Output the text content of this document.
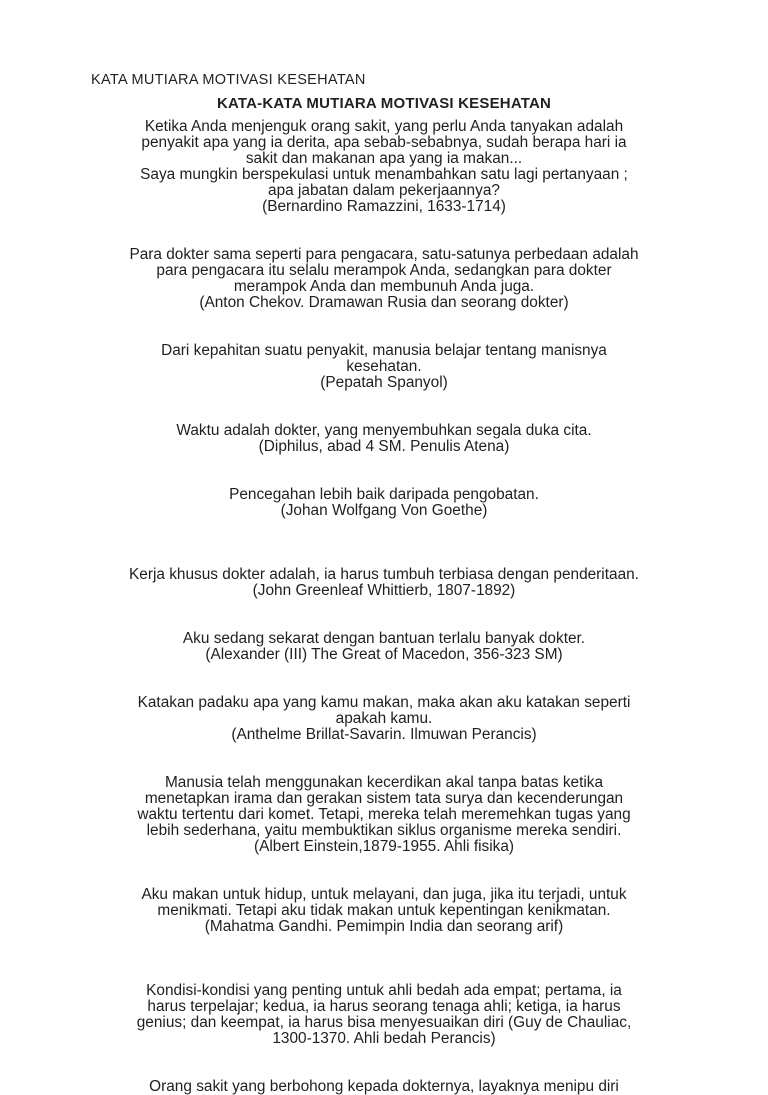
KATA MUTIARA MOTIVASI KESEHATAN
KATA-KATA MUTIARA MOTIVASI KESEHATAN
Ketika Anda menjenguk orang sakit, yang perlu Anda tanyakan adalah
penyakit apa yang ia derita, apa sebab-sebabnya, sudah berapa hari ia
sakit dan makanan apa yang ia makan...
Saya mungkin berspekulasi untuk menambahkan satu lagi pertanyaan ;
apa jabatan dalam pekerjaannya?
(Bernardino Ramazzini, 1633-1714)
Para dokter sama seperti para pengacara, satu-satunya perbedaan adalah
para pengacara itu selalu merampok Anda, sedangkan para dokter
merampok Anda dan membunuh Anda juga.
(Anton Chekov. Dramawan Rusia dan seorang dokter)
Dari kepahitan suatu penyakit, manusia belajar tentang manisnya
kesehatan.
(Pepatah Spanyol)
Waktu adalah dokter, yang menyembuhkan segala duka cita.
(Diphilus, abad 4 SM. Penulis Atena)
Pencegahan lebih baik daripada pengobatan.
(Johan Wolfgang Von Goethe)
Kerja khusus dokter adalah, ia harus tumbuh terbiasa dengan penderitaan.
(John Greenleaf Whittierb, 1807-1892)
Aku sedang sekarat dengan bantuan terlalu banyak dokter.
(Alexander (III) The Great of Macedon, 356-323 SM)
Katakan padaku apa yang kamu makan, maka akan aku katakan seperti
apakah kamu.
(Anthelme Brillat-Savarin. Ilmuwan Perancis)
Manusia telah menggunakan kecerdikan akal tanpa batas ketika
menetapkan irama dan gerakan sistem tata surya dan kecenderungan
waktu tertentu dari komet. Tetapi, mereka telah meremehkan tugas yang
lebih sederhana, yaitu membuktikan siklus organisme mereka sendiri.
(Albert Einstein,1879-1955. Ahli fisika)
Aku makan untuk hidup, untuk melayani, dan juga, jika itu terjadi, untuk
menikmati. Tetapi aku tidak makan untuk kepentingan kenikmatan.
(Mahatma Gandhi. Pemimpin India dan seorang arif)
Kondisi-kondisi yang penting untuk ahli bedah ada empat; pertama, ia
harus terpelajar; kedua, ia harus seorang tenaga ahli; ketiga, ia harus
genius; dan keempat, ia harus bisa menyesuaikan diri (Guy de Chauliac,
1300-1370. Ahli bedah Perancis)
Orang sakit yang berbohong kepada dokternya, layaknya menipu diri
